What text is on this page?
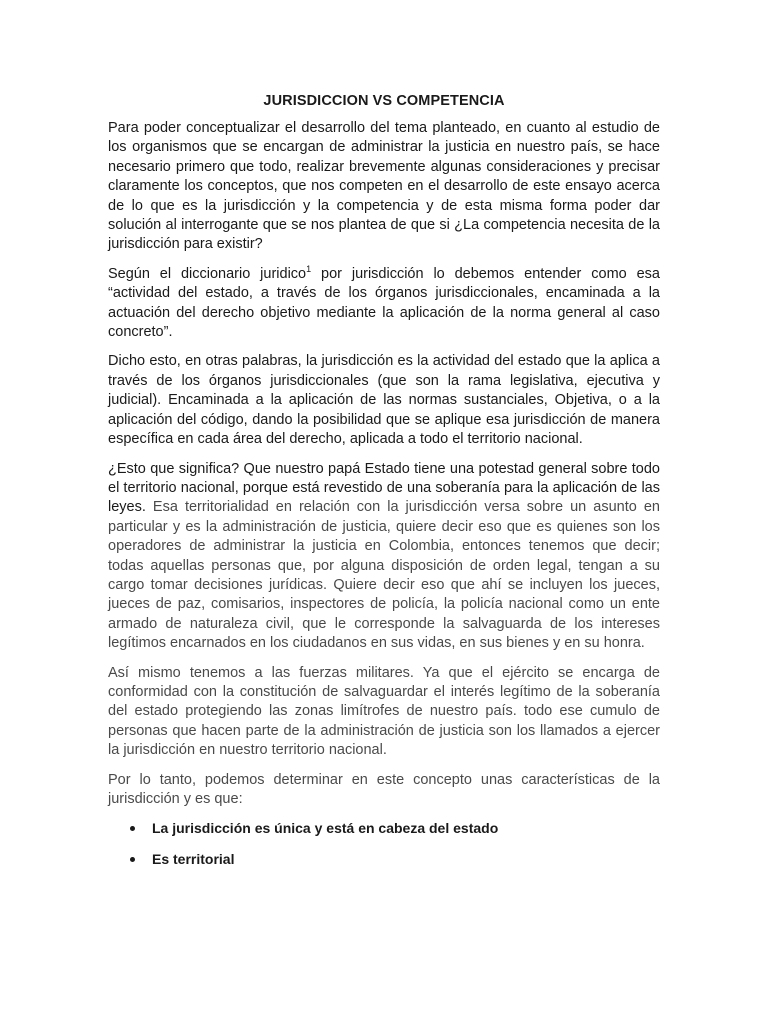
JURISDICCION VS COMPETENCIA

Para poder conceptualizar el desarrollo del tema planteado, en cuanto al estudio de los organismos que se encargan de administrar la justicia en nuestro país, se hace necesario primero que todo, realizar brevemente algunas consideraciones y precisar claramente los conceptos, que nos competen en el desarrollo de este ensayo acerca de lo que es la jurisdicción y la competencia y de esta misma forma poder dar solución al interrogante que se nos plantea de que si ¿La competencia necesita de la jurisdicción para existir?

Según el diccionario juridico$^1$ por jurisdicción lo debemos entender como esa “actividad del estado, a través de los órganos jurisdiccionales, encaminada a la actuación del derecho objetivo mediante la aplicación de la norma general al caso concreto”.

Dicho esto, en otras palabras, la jurisdicción es la actividad del estado que la aplica a través de los órganos jurisdiccionales (que son la rama legislativa, ejecutiva y judicial). Encaminada a la aplicación de las normas sustanciales, Objetiva, o a la aplicación del código, dando la posibilidad que se aplique esa jurisdicción de manera específica en cada área del derecho, aplicada a todo el territorio nacional.

¿Esto que significa? Que nuestro papá Estado tiene una potestad general sobre todo el territorio nacional, porque está revestido de una soberanía para la aplicación de las leyes. Esa territorialidad en relación con la jurisdicción versa sobre un asunto en particular y es la administración de justicia, quiere decir eso que es quienes son los operadores de administrar la justicia en Colombia, entonces tenemos que decir; todas aquellas personas que, por alguna disposición de orden legal, tengan a su cargo tomar decisiones jurídicas. Quiere decir eso que ahí se incluyen los jueces, jueces de paz, comisarios, inspectores de policía, la policía nacional como un ente armado de naturaleza civil, que le corresponde la salvaguarda de los intereses legítimos encarnados en los ciudadanos en sus vidas, en sus bienes y en su honra.

Así mismo tenemos a las fuerzas militares. Ya que el ejército se encarga de conformidad con la constitución de salvaguardar el interés legítimo de la soberanía del estado protegiendo las zonas limítrofes de nuestro país. todo ese cumulo de personas que hacen parte de la administración de justicia son los llamados a ejercer la jurisdicción en nuestro territorio nacional.

Por lo tanto, podemos determinar en este concepto unas características de la jurisdicción y es que:

La jurisdicción es única y está en cabeza del estado
Es territorial
